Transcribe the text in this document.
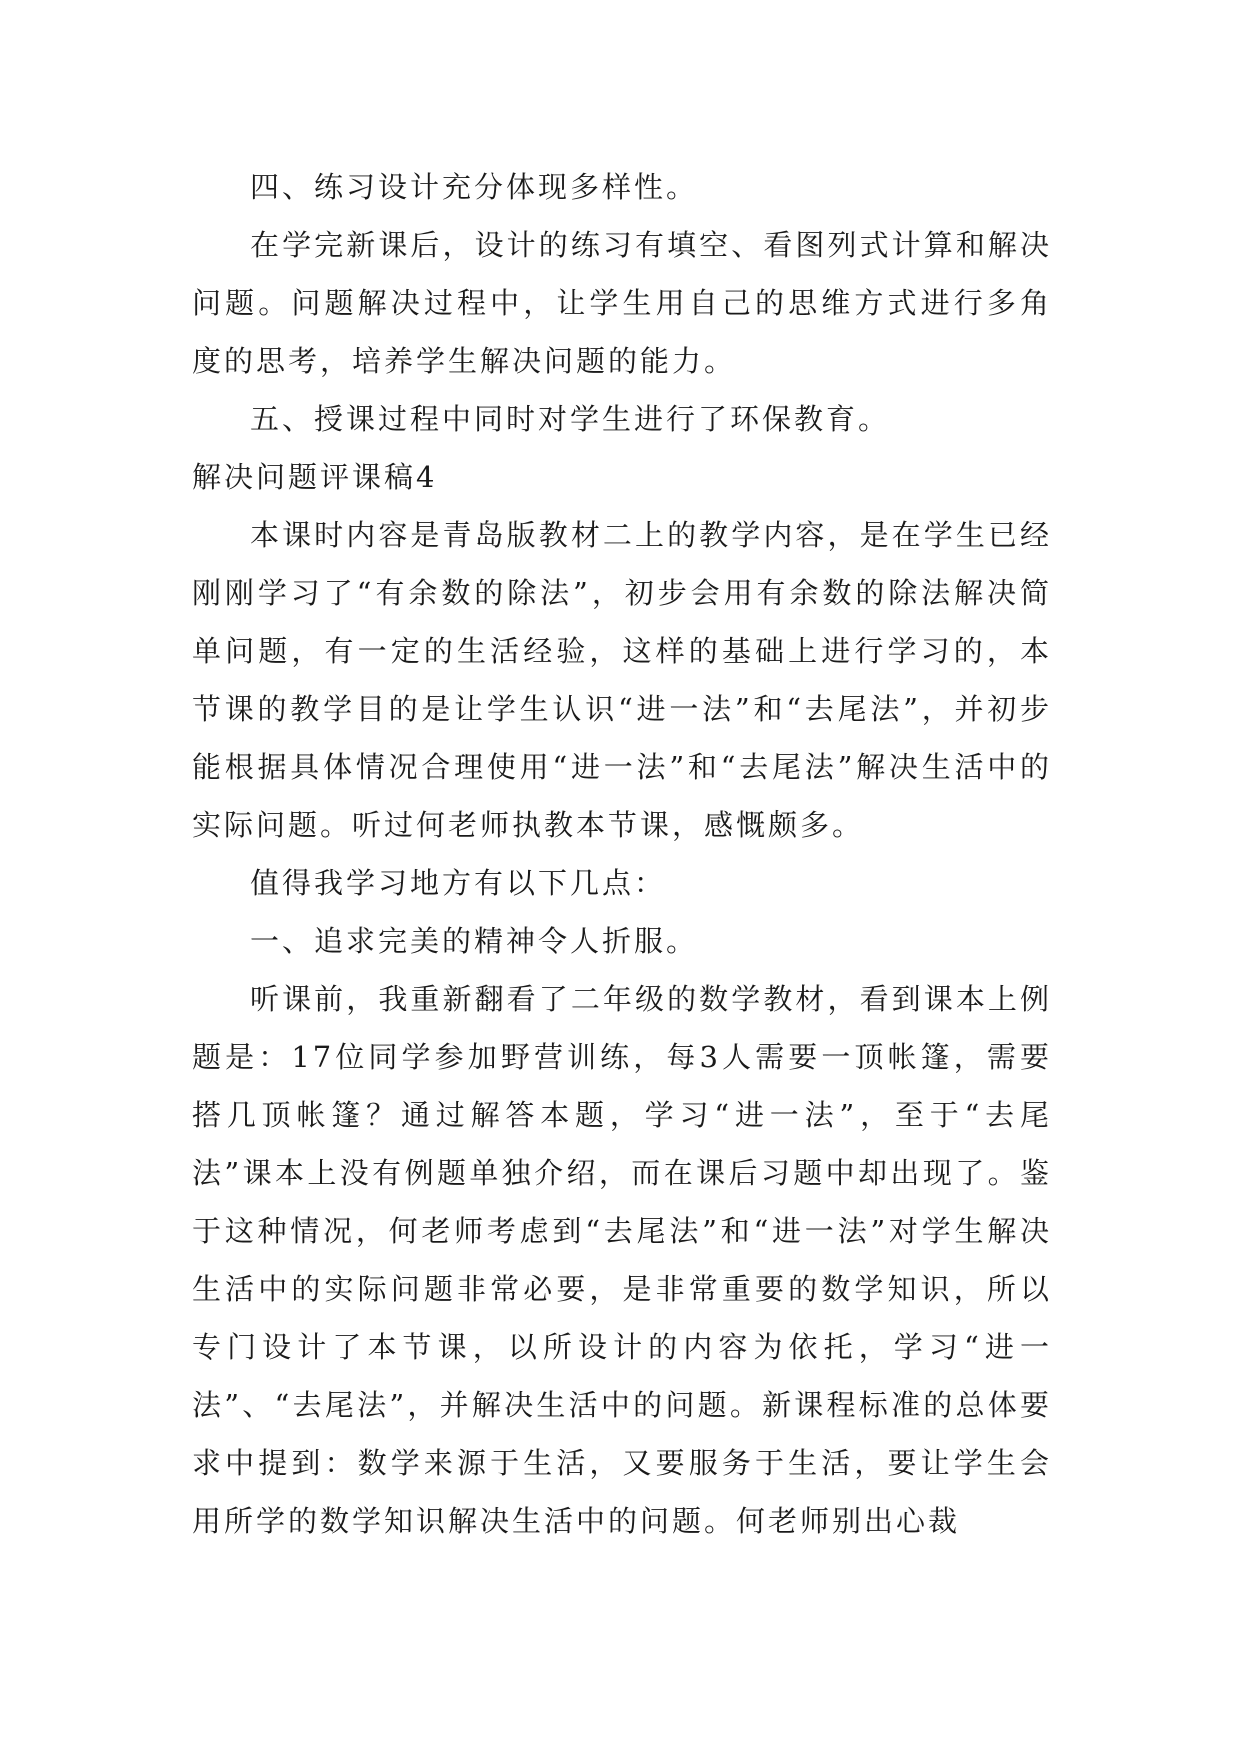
四、练习设计充分体现多样性。

在学完新课后，设计的练习有填空、看图列式计算和解决问题。问题解决过程中，让学生用自己的思维方式进行多角度的思考，培养学生解决问题的能力。

五、授课过程中同时对学生进行了环保教育。

解决问题评课稿4

本课时内容是青岛版教材二上的教学内容，是在学生已经刚刚学习了“有余数的除法”，初步会用有余数的除法解决简单问题，有一定的生活经验，这样的基础上进行学习的，本节课的教学目的是让学生认识“进一法”和“去尾法”，并初步能根据具体情况合理使用“进一法”和“去尾法”解决生活中的实际问题。听过何老师执教本节课，感慨颇多。

值得我学习地方有以下几点：

一、追求完美的精神令人折服。

听课前，我重新翻看了二年级的数学教材，看到课本上例题是：17位同学参加野营训练，每3人需要一顶帐篷，需要搭几顶帐篷？通过解答本题，学习“进一法”，至于“去尾法”课本上没有例题单独介绍，而在课后习题中却出现了。鉴于这种情况，何老师考虑到“去尾法”和“进一法”对学生解决生活中的实际问题非常必要，是非常重要的数学知识，所以专门设计了本节课，以所设计的内容为依托，学习“进一法”、“去尾法”，并解决生活中的问题。新课程标准的总体要求中提到：数学来源于生活，又要服务于生活，要让学生会用所学的数学知识解决生活中的问题。何老师别出心裁
